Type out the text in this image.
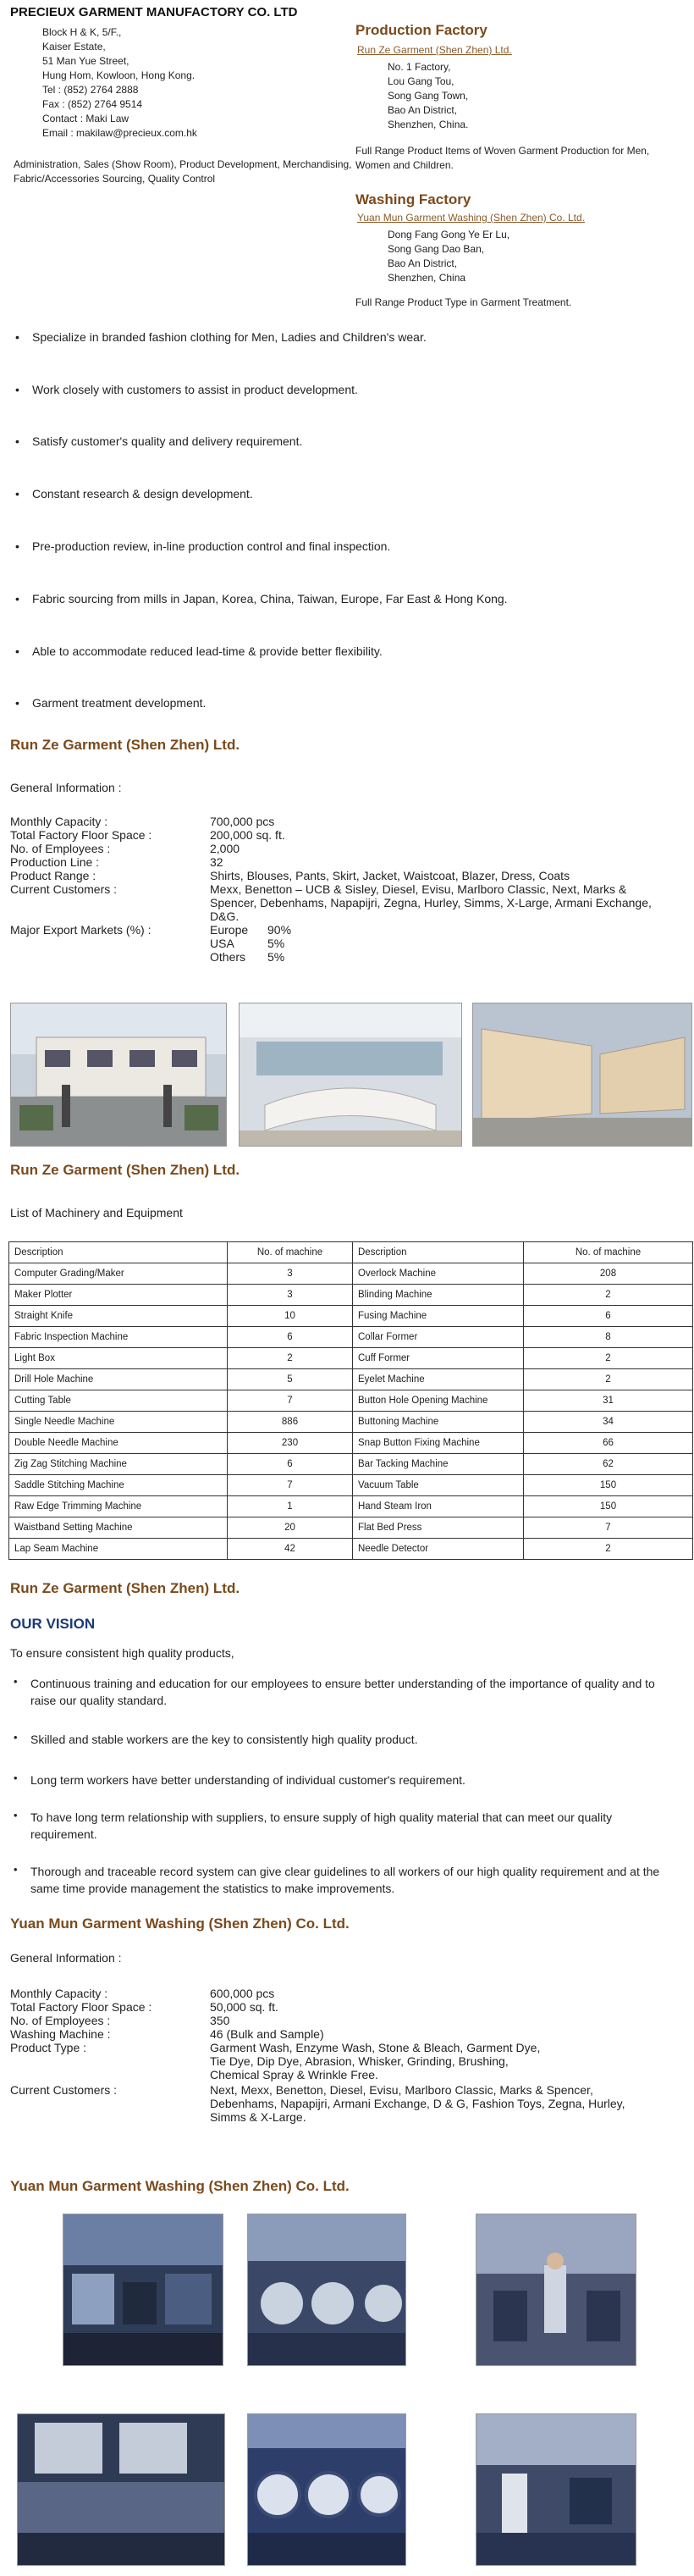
PRECIEUX GARMENT MANUFACTORY CO. LTD
Block H & K, 5/F.,
Kaiser Estate,
51 Man Yue Street,
Hung Hom, Kowloon, Hong Kong.
Tel : (852) 2764 2888
Fax : (852) 2764 9514
Contact : Maki Law
Email : makilaw@precieux.com.hk
Administration, Sales (Show Room), Product Development, Merchandising, Fabric/Accessories Sourcing, Quality Control
Production Factory
Run Ze Garment (Shen Zhen) Ltd.
No. 1 Factory,
Lou Gang Tou,
Song Gang Town,
Bao An District,
Shenzhen, China.
Full Range Product Items of Woven Garment Production for Men, Women and Children.
Washing Factory
Yuan Mun Garment Washing (Shen Zhen) Co. Ltd.
Dong Fang Gong Ye Er Lu,
Song Gang Dao Ban,
Bao An District,
Shenzhen, China
Full Range Product Type in Garment Treatment.
• Specialize in branded fashion clothing for Men, Ladies and Children's wear.
• Work closely with customers to assist in product development.
• Satisfy customer's quality and delivery requirement.
• Constant research & design development.
• Pre-production review, in-line production control and final inspection.
• Fabric sourcing from mills in Japan, Korea, China, Taiwan, Europe, Far East & Hong Kong.
• Able to accommodate reduced lead-time & provide better flexibility.
• Garment treatment development.
Run Ze Garment (Shen Zhen) Ltd.
General Information :
Monthly Capacity :	700,000 pcs
Total Factory Floor Space :	200,000 sq. ft.
No. of Employees :	2,000
Production Line :	32
Product Range :	Shirts, Blouses, Pants, Skirt, Jacket, Waistcoat, Blazer, Dress, Coats
Current Customers :	Mexx, Benetton – UCB & Sisley, Diesel, Evisu, Marlboro Classic, Next, Marks &
Spencer, Debenhams, Napapijri, Zegna, Hurley, Simms, X-Large, Armani Exchange,
D&G.
Major Export Markets (%) :	Europe 90%
USA	5%
Others 5%
Run Ze Garment (Shen Zhen) Ltd.
List of Machinery and Equipment
Description	No. of machine	Description	No. of machine
Computer Grading/Maker	3	Overlock Machine	208
Maker Plotter	3	Blinding Machine	2
Straight Knife	10	Fusing Machine	6
Fabric Inspection Machine	6	Collar Former	8
Light Box	2	Cuff Former	2
Drill Hole Machine	5	Eyelet Machine	2
Cutting Table	7	Button Hole Opening Machine	31
Single Needle Machine	886	Buttoning Machine	34
Double Needle Machine	230	Snap Button Fixing Machine	66
Zig Zag Stitching Machine	6	Bar Tacking Machine	62
Saddle Stitching Machine	7	Vacuum Table	150
Raw Edge Trimming Machine	1	Hand Steam Iron	150
Waistband Setting Machine	20	Flat Bed Press	7
Lap Seam Machine	42	Needle Detector	2
Run Ze Garment (Shen Zhen) Ltd.
OUR VISION
To ensure consistent high quality products,
• Continuous training and education for our employees to ensure better understanding of the importance of quality and to raise our quality standard.
• Skilled and stable workers are the key to consistently high quality product.
• Long term workers have better understanding of individual customer's requirement.
• To have long term relationship with suppliers, to ensure supply of high quality material that can meet our quality requirement.
• Thorough and traceable record system can give clear guidelines to all workers of our high quality requirement and at the same time provide management the statistics to make improvements.
Yuan Mun Garment Washing (Shen Zhen) Co. Ltd.
General Information :
Monthly Capacity :	600,000 pcs
Total Factory Floor Space :	50,000 sq. ft.
No. of Employees :	350
Washing Machine :	46 (Bulk and Sample)
Product Type :	Garment Wash, Enzyme Wash, Stone & Bleach, Garment Dye,
Tie Dye, Dip Dye, Abrasion, Whisker, Grinding, Brushing,
Chemical Spray & Wrinkle Free.
Current Customers :	Next, Mexx, Benetton, Diesel, Evisu, Marlboro Classic, Marks & Spencer,
Debenhams, Napapijri, Armani Exchange, D & G, Fashion Toys, Zegna, Hurley,
Simms & X-Large.
Yuan Mun Garment Washing (Shen Zhen) Co. Ltd.
